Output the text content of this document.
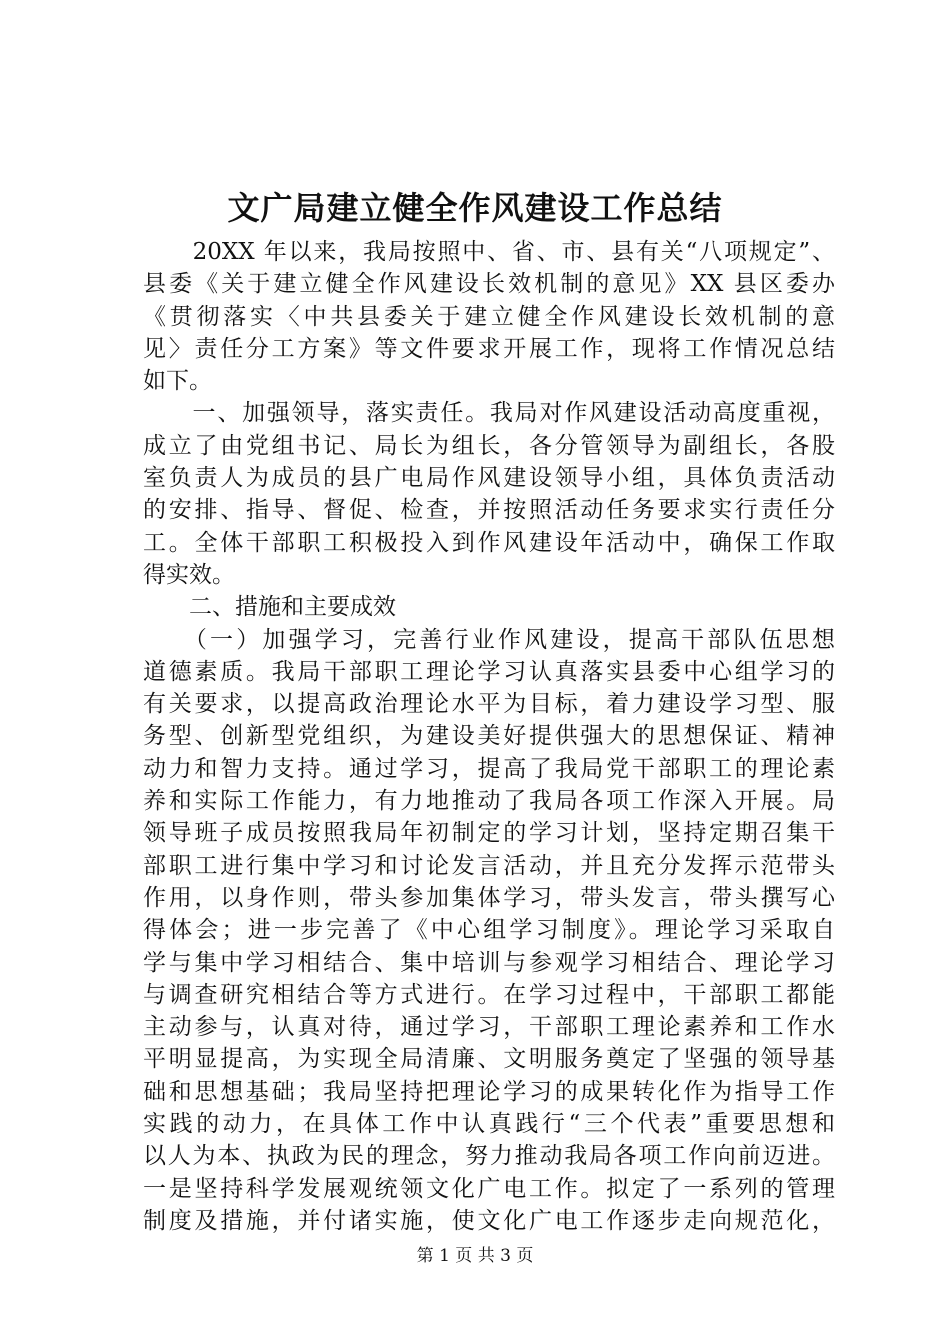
文广局建立健全作风建设工作总结
　　20XX 年以来，我局按照中、省、市、县有关“八项规定”、
县委《关于建立健全作风建设长效机制的意见》XX 县区委办
《贯彻落实〈中共县委关于建立健全作风建设长效机制的意
见〉责任分工方案》等文件要求开展工作，现将工作情况总结
如下。
　　一、加强领导，落实责任。我局对作风建设活动高度重视，
成立了由党组书记、局长为组长，各分管领导为副组长，各股
室负责人为成员的县广电局作风建设领导小组，具体负责活动
的安排、指导、督促、检查，并按照活动任务要求实行责任分
工。全体干部职工积极投入到作风建设年活动中，确保工作取
得实效。
　　二、措施和主要成效
　　（一）加强学习，完善行业作风建设，提高干部队伍思想
道德素质。我局干部职工理论学习认真落实县委中心组学习的
有关要求，以提高政治理论水平为目标，着力建设学习型、服
务型、创新型党组织，为建设美好提供强大的思想保证、精神
动力和智力支持。通过学习，提高了我局党干部职工的理论素
养和实际工作能力，有力地推动了我局各项工作深入开展。局
领导班子成员按照我局年初制定的学习计划，坚持定期召集干
部职工进行集中学习和讨论发言活动，并且充分发挥示范带头
作用，以身作则，带头参加集体学习，带头发言，带头撰写心
得体会；进一步完善了《中心组学习制度》。理论学习采取自
学与集中学习相结合、集中培训与参观学习相结合、理论学习
与调查研究相结合等方式进行。在学习过程中，干部职工都能
主动参与，认真对待，通过学习，干部职工理论素养和工作水
平明显提高，为实现全局清廉、文明服务奠定了坚强的领导基
础和思想基础；我局坚持把理论学习的成果转化作为指导工作
实践的动力，在具体工作中认真践行“三个代表”重要思想和
以人为本、执政为民的理念，努力推动我局各项工作向前迈进。
一是坚持科学发展观统领文化广电工作。拟定了一系列的管理
制度及措施，并付诸实施，使文化广电工作逐步走向规范化，
第 1 页 共 3 页
